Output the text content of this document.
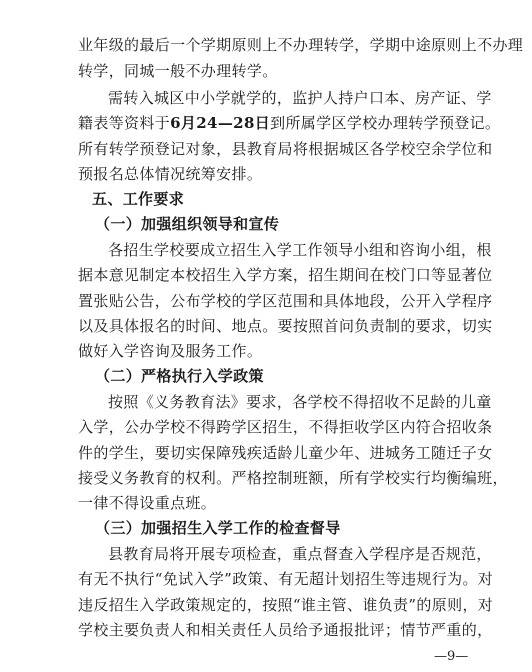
业年级的最后一个学期原则上不办理转学，学期中途原则上不办理
转学，同城一般不办理转学。
需转入城区中小学就学的，监护人持户口本、房产证、学
籍表等资料于6月24—28日到所属学区学校办理转学预登记。
所有转学预登记对象，县教育局将根据城区各学校空余学位和
预报名总体情况统筹安排。
五、工作要求
（一）加强组织领导和宣传
各招生学校要成立招生入学工作领导小组和咨询小组，根
据本意见制定本校招生入学方案，招生期间在校门口等显著位
置张贴公告，公布学校的学区范围和具体地段，公开入学程序
以及具体报名的时间、地点。要按照首问负责制的要求，切实
做好入学咨询及服务工作。
（二）严格执行入学政策
按照《义务教育法》要求，各学校不得招收不足龄的儿童
入学，公办学校不得跨学区招生，不得拒收学区内符合招收条
件的学生，要切实保障残疾适龄儿童少年、进城务工随迁子女
接受义务教育的权利。严格控制班额，所有学校实行均衡编班，
一律不得设重点班。
（三）加强招生入学工作的检查督导
县教育局将开展专项检查，重点督查入学程序是否规范，
有无不执行“免试入学”政策、有无超计划招生等违规行为。对
违反招生入学政策规定的，按照“谁主管、谁负责”的原则，对
学校主要负责人和相关责任人员给予通报批评；情节严重的，
—9—
